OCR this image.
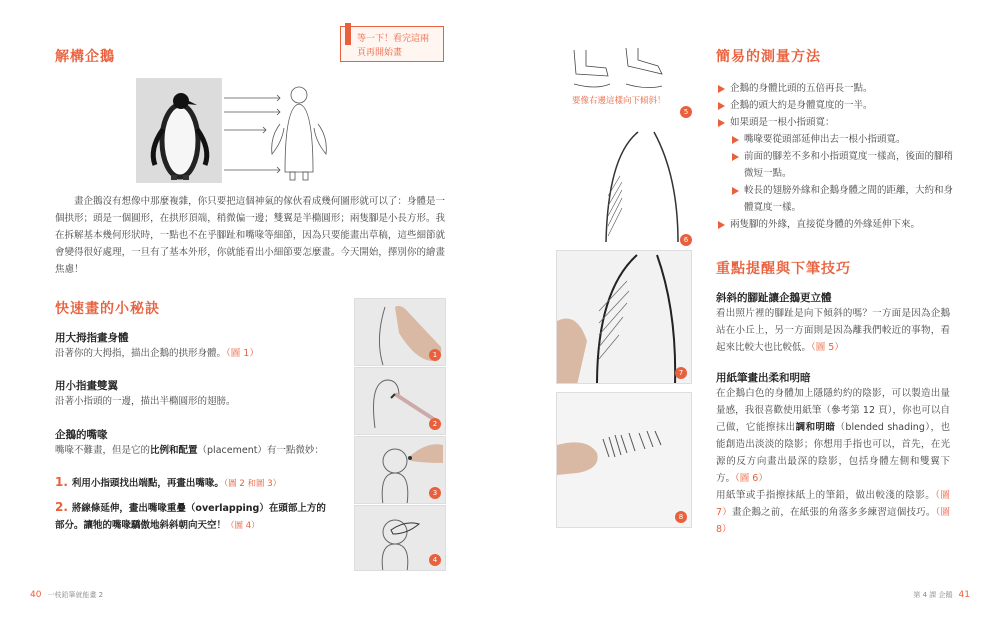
等一下！看完這兩
頁再開始畫
解構企鵝
畫企鵝沒有想像中那麼複雜，你只要把這個神氣的傢伙看成幾何圖形就可以了：身體是一個拱形；頭是一個圓形，在拱形頂端，稍微偏一邊；雙翼是半橢圓形；兩隻腳是小長方形。我在拆解基本幾何形狀時，一點也不在乎腳趾和嘴喙等細節，因為只要能畫出草稿，這些細節就會變得很好處理，一旦有了基本外形，你就能看出小細節要怎麼畫。今天開始，擇別你的繪畫焦慮！
快速畫的小秘訣
用大拇指畫身體
沿著你的大拇指，描出企鵝的拱形身體。（圖 1）
用小指畫雙翼
沿著小指頭的一邊，描出半橢圓形的翅膀。
企鵝的嘴喙
嘴喙不難畫，但是它的比例和配置（placement）有一點微妙：
1. 利用小指頭找出端點，再畫出嘴喙。（圖 2 和圖 3）
2. 將線條延伸，畫出嘴喙重疊（overlapping）在頭部上方的
部分。讓牠的嘴喙驕傲地斜斜朝向天空！（圖 4）
1
2
3
4
40 一枝鉛筆就能畫 2
要像右邊這樣向下傾斜！
5
6
7
8
簡易的測量方法
企鵝的身體比頭的五倍再長一點。
企鵝的頭大約是身體寬度的一半。
如果頭是一根小指頭寬：
嘴喙要從頭部延伸出去一根小指頭寬。
前面的腳差不多和小指頭寬度一樣高，後面的腳稍微短一點。
較長的翅膀外緣和企鵝身體之間的距離，大約和身體寬度一樣。
兩隻腳的外緣，直接從身體的外緣延伸下來。
重點提醒與下筆技巧
斜斜的腳趾讓企鵝更立體
看出照片裡的腳趾是向下傾斜的嗎？一方面是因為企鵝站在小丘上，另一方面則是因為離我們較近的事物，看起來比較大也比較低。（圖 5）
用紙筆畫出柔和明暗
在企鵝白色的身體加上隱隱約約的陰影，可以製造出量量感，我很喜歡使用紙筆（參考第 12 頁），你也可以自己做，它能擦抹出調和明暗（blended shading），也能創造出淡淡的陰影；你想用手指也可以，首先，在光源的反方向畫出最深的陰影，包括身體左側和雙翼下方。（圖 6）
用紙筆或手指擦抹紙上的筆鉛，做出較淺的陰影。（圖 7）畫企鵝之前，在紙張的角落多多練習這個技巧。（圖 8）
第 4 課 企鵝 41
